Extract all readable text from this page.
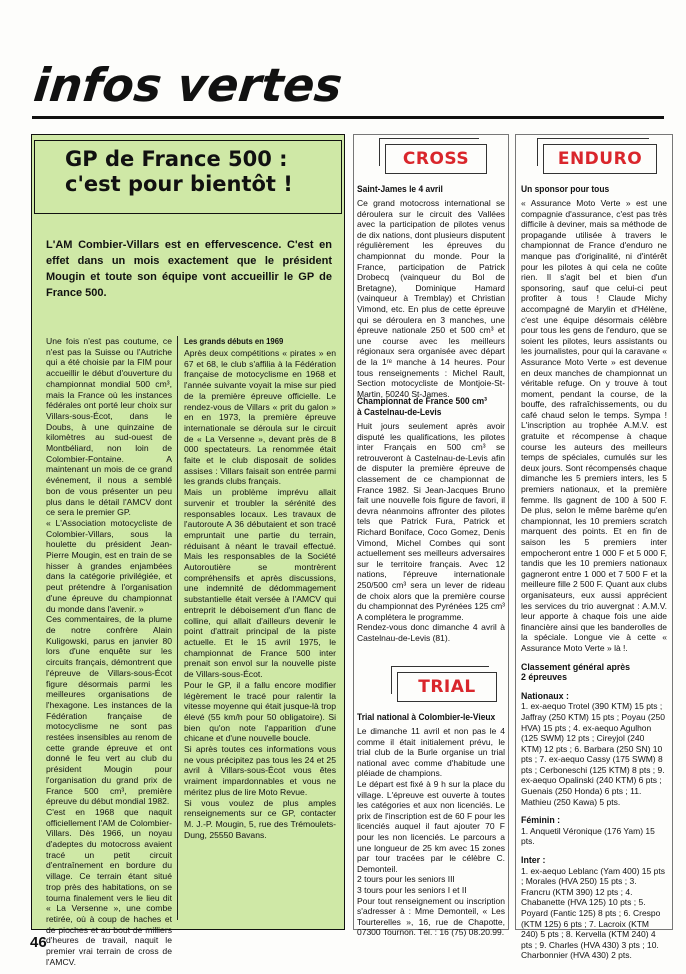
infos vertes
GP de France 500 : c'est pour bientôt !

L'AM Combier-Villars est en effervescence. C'est en effet dans un mois exactement que le président Mougin et toute son équipe vont accueillir le GP de France 500.

Une fois n'est pas coutume, ce n'est pas la Suisse ou l'Autriche qui a été choisie par la FIM pour accueillir le début d'ouverture du championnat mondial 500 cm³, mais la France où les instances fédérales ont porté leur choix sur Villars-sous-Écot, dans le Doubs, à une quinzaine de kilomètres au sud-ouest de Montbéliard, non loin de Colombier-Fontaine. A maintenant un mois de ce grand événement, il nous a semblé bon de vous présenter un peu plus dans le détail l'AMCV dont ce sera le premier GP.
« L'Association motocycliste de Colombier-Villars, sous la houlette du président Jean-Pierre Mougin, est en train de se hisser à grandes enjambées dans la catégorie privilégiée, et peut prétendre à l'organisation d'une épreuve du championnat du monde dans l'avenir. »
Ces commentaires, de la plume de notre confrère Alain Kuligowski, parus en janvier 80 lors d'une enquête sur les circuits français, démontrent que l'épreuve de Villars-sous-Écot figure désormais parmi les meilleures organisations de l'hexagone. Les instances de la Fédération française de motocyclisme ne sont pas restées insensibles au renom de cette grande épreuve et ont donné le feu vert au club du président Mougin pour l'organisation du grand prix de France 500 cm³, première épreuve du début mondial 1982.
C'est en 1968 que naquit officiellement l'AM de Colombier-Villars. Dès 1966, un noyau d'adeptes du motocross avaient tracé un petit circuit d'entraînement en bordure du village. Ce terrain étant situé trop près des habitations, on se tourna finalement vers le lieu dit « La Versenne », une combe retirée, où à coup de haches et de pioches et au bout de milliers d'heures de travail, naquit le premier vrai terrain de cross de l'AMCV.

Les grands débuts en 1969

Après deux compétitions « pirates » en 67 et 68, le club s'affilia à la Fédération française de motocyclisme en 1968 et l'année suivante voyait la mise sur pied de la première épreuve officielle. Le rendez-vous de Villars « prit du galon » en en 1973, la première épreuve internationale se déroula sur le circuit de « La Versenne », devant près de 8 000 spectateurs. La renommée était faite et le club disposait de solides assises : Villars faisait son entrée parmi les grands clubs français.
Mais un problème imprévu allait survenir et troubler la sérénité des responsables locaux. Les travaux de l'autoroute A 36 débutaient et son tracé empruntait une partie du terrain, réduisant à néant le travail effectué. Mais les responsables de la Société Autoroutière se montrèrent compréhensifs et après discussions, une indemnité de dédommagement substantielle était versée à l'AMCV qui entreprit le déboisement d'un flanc de colline, qui allait d'ailleurs devenir le point d'attrait principal de la piste actuelle. Et le 15 avril 1975, le championnat de France 500 inter prenait son envol sur la nouvelle piste de Villars-sous-Écot.
Pour le GP, il a fallu encore modifier légèrement le tracé pour ralentir la vitesse moyenne qui était jusque-là trop élevé (55 km/h pour 50 obligatoire). Si bien qu'on note l'apparition d'une chicane et d'une nouvelle boucle.
Si après toutes ces informations vous ne vous précipitez pas tous les 24 et 25 avril à Villars-sous-Écot vous êtes vraiment impardonnables et vous ne méritez plus de lire Moto Revue.
Si vous voulez de plus amples renseignements sur ce GP, contacter M. J.-P. Mougin, 5, rue des Trémoulets-Dung, 25550 Bavans.

CROSS

Saint-James le 4 avril

Ce grand motocross international se déroulera sur le circuit des Vallées avec la participation de pilotes venus de dix nations, dont plusieurs disputent régulièrement les épreuves du championnat du monde. Pour la France, participation de Patrick Drobecq (vainqueur du Bol de Bretagne), Dominique Hamard (vainqueur à Tremblay) et Christian Vimond, etc. En plus de cette épreuve qui se déroulera en 3 manches, une épreuve nationale 250 et 500 cm³ et une course avec les meilleurs régionaux sera organisée avec départ de la 1ʳᵉ manche à 14 heures. Pour tous renseignements : Michel Rault, Section motocycliste de Montjoie-St-Martin, 50240 St-James.

Championnat de France 500 cm³ à Castelnau-de-Levis

Huit jours seulement après avoir disputé les qualifications, les pilotes inter Français en 500 cm³ se retrouveront à Castelnau-de-Levis afin de disputer la première épreuve de classement de ce championnat de France 1982. Si Jean-Jacques Bruno fait une nouvelle fois figure de favori, il devra néanmoins affronter des pilotes tels que Patrick Fura, Patrick et Richard Boniface, Coco Gomez, Denis Vimond, Michel Combes qui sont actuellement ses meilleurs adversaires sur le territoire français. Avec 12 nations, l'épreuve internationale 250/500 cm³ sera un lever de rideau de choix alors que la première course du championnat des Pyrénées 125 cm³ A complétera le programme.
Rendez-vous donc dimanche 4 avril à Castelnau-de-Levis (81).

TRIAL

Trial national à Colombier-le-Vieux

Le dimanche 11 avril et non pas le 4 comme il était initialement prévu, le trial club de la Burle organise un trial national avec comme d'habitude une pléiade de champions.
Le départ est fixé à 9 h sur la place du village. L'épreuve est ouverte à toutes les catégories et aux non licenciés. Le prix de l'inscription est de 60 F pour les licenciés auquel il faut ajouter 70 F pour les non licenciés. Le parcours a une longueur de 25 km avec 15 zones par tour tracées par le célèbre C. Demonteil.
2 tours pour les seniors III
3 tours pour les seniors I et II
Pour tout renseignement ou inscription s'adresser à : Mme Demonteil, « Les Tourterelles », 16, rue de Chapotte, 07300 Tournon. Tél. : 16 (75) 08.20.99.

ENDURO

Un sponsor pour tous

« Assurance Moto Verte » est une compagnie d'assurance, c'est pas très difficile à deviner, mais sa méthode de propagande utilisée à travers le championnat de France d'enduro ne manque pas d'originalité, ni d'intérêt pour les pilotes à qui cela ne coûte rien. Il s'agit bel et bien d'un sponsoring, sauf que celui-ci peut profiter à tous ! Claude Michy accompagné de Marylin et d'Hélène, c'est une équipe désormais célèbre pour tous les gens de l'enduro, que se soient les pilotes, leurs assistants ou les journalistes, pour qui la caravane « Assurance Moto Verte » est devenue en deux manches de championnat un véritable refuge. On y trouve à tout moment, pendant la course, de la bouffe, des rafraîchissements, ou du café chaud selon le temps. Sympa ! L'inscription au trophée A.M.V. est gratuite et récompense à chaque course les auteurs des meilleurs temps de spéciales, cumulés sur les deux jours. Sont récompensés chaque dimanche les 5 premiers inters, les 5 premiers nationaux, et la première femme. Ils gagnent de 100 à 500 F. De plus, selon le même barème qu'en championnat, les 10 premiers scratch marquent des points. Et en fin de saison les 5 premiers inter empocheront entre 1 000 F et 5 000 F, tandis que les 10 premiers nationaux gagneront entre 1 000 et 7 500 F et la meilleure fille 2 500 F. Quant aux clubs organisateurs, eux aussi apprécient les services du trio auvergnat : A.M.V. leur apporte à chaque fois une aide financière ainsi que les banderolles de la spéciale. Longue vie à cette « Assurance Moto Verte » là !.

Classement général après
2 épreuves

Nationaux :

1. ex-aequo Trotel (390 KTM) 15 pts ; Jaffray (250 KTM) 15 pts ; Poyau (250 HVA) 15 pts ; 4. ex-aequo Agulhon (125 SWM) 12 pts ; Cireyjol (240 KTM) 12 pts ; 6. Barbara (250 SN) 10 pts ; 7. ex-aequo Cassy (175 SWM) 8 pts ; Cerboneschi (125 KTM) 8 pts ; 9. ex-aequo Opalinski (240 KTM) 6 pts ; Guenais (250 Honda) 6 pts ; 11. Mathieu (250 Kawa) 5 pts.

Féminin :

1. Anquetil Véronique (176 Yam) 15 pts.

Inter :

1. ex-aequo Leblanc (Yam 400) 15 pts ; Morales (HVA 250) 15 pts ; 3. Francru (KTM 390) 12 pts ; 4. Chabanette (HVA 125) 10 pts ; 5. Poyard (Fantic 125) 8 pts ; 6. Crespo (KTM 125) 6 pts ; 7. Lacroix (KTM 240) 5 pts ; 8. Kervella (KTM 240) 4 pts ; 9. Charles (HVA 430) 3 pts ; 10. Charbonnier (HVA 430) 2 pts.

46
